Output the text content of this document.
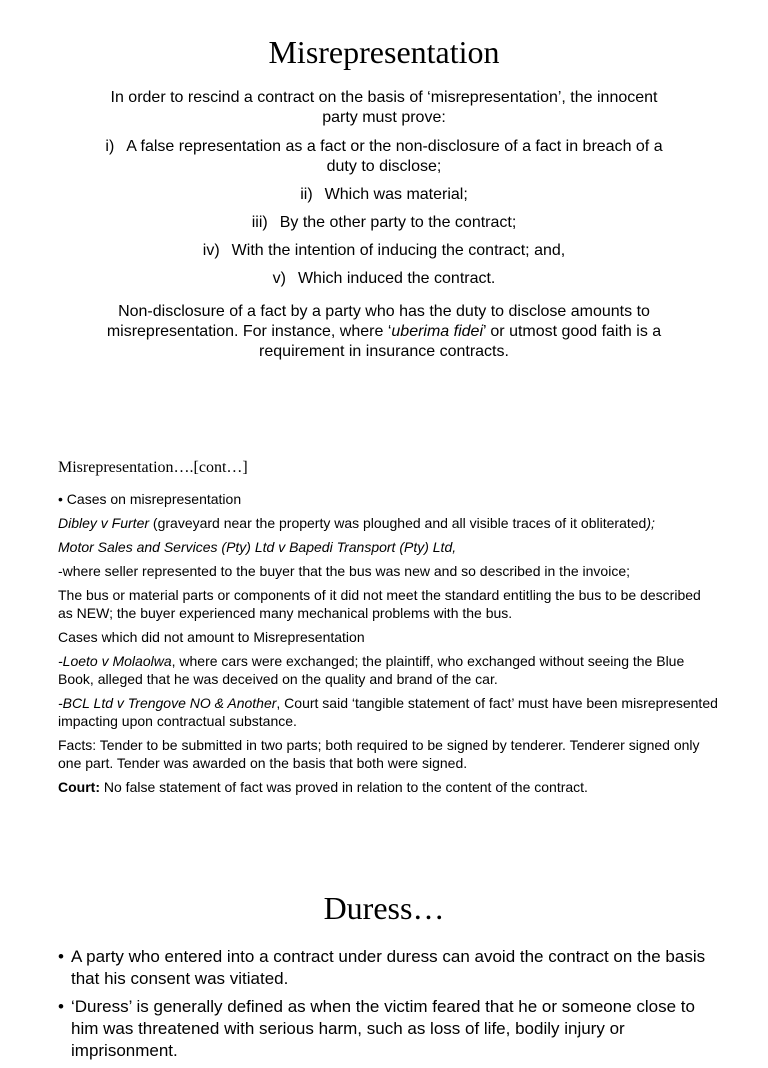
Misrepresentation
In order to rescind a contract on the basis of ‘misrepresentation’, the innocent party must prove:
i) A false representation as a fact or the non-disclosure of a fact in breach of a duty to disclose;
ii) Which was material;
iii) By the other party to the contract;
iv) With the intention of inducing the contract; and,
v) Which induced the contract.
Non-disclosure of a fact by a party who has the duty to disclose amounts to misrepresentation. For instance, where ‘uberima fidei’ or utmost good faith is a requirement in insurance contracts.
Misrepresentation….[cont…]

• Cases on misrepresentation

Dibley v Furter (graveyard near the property was ploughed and all visible traces of it obliterated);

Motor Sales and Services (Pty) Ltd v Bapedi Transport (Pty) Ltd,

-where seller represented to the buyer that the bus was new and so described in the invoice;

The bus or material parts or components of it did not meet the standard entitling the bus to be described as NEW; the buyer experienced many mechanical problems with the bus.

Cases which did not amount to Misrepresentation

-Loeto v Molaolwa, where cars were exchanged; the plaintiff, who exchanged without seeing the Blue Book, alleged that he was deceived on the quality and brand of the car.

-BCL Ltd v Trengove NO & Another, Court said ‘tangible statement of fact’ must have been misrepresented impacting upon contractual substance.

Facts: Tender to be submitted in two parts; both required to be signed by tenderer. Tenderer signed only one part. Tender was awarded on the basis that both were signed.

Court: No false statement of fact was proved in relation to the content of the contract.

Duress…
• A party who entered into a contract under duress can avoid the contract on the basis that his consent was vitiated.
• ‘Duress’ is generally defined as when the victim feared that he or someone close to him was threatened with serious harm, such as loss of life, bodily injury or imprisonment.
